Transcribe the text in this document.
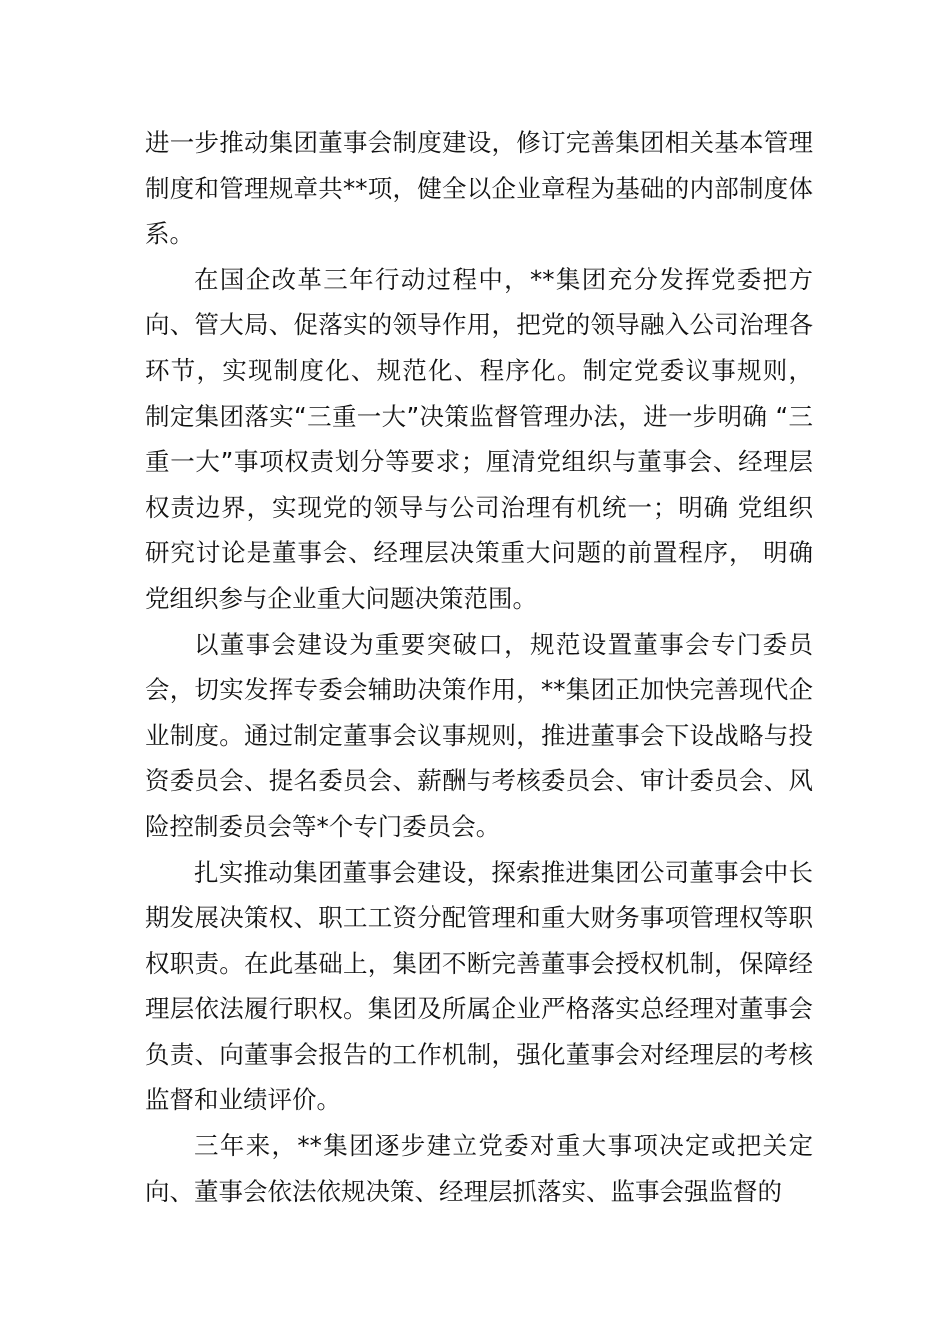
进一步推动集团董事会制度建设，修订完善集团相关基本管理制度和管理规章共**项，健全以企业章程为基础的内部制度体系。

在国企改革三年行动过程中，**集团充分发挥党委把方向、管大局、促落实的领导作用，把党的领导融入公司治理各环节，实现制度化、规范化、程序化。制定党委议事规则， 制定集团落实“三重一大”决策监督管理办法，进一步明确 “三重一大”事项权责划分等要求；厘清党组织与董事会、经理层权责边界，实现党的领导与公司治理有机统一；明确 党组织研究讨论是董事会、经理层决策重大问题的前置程序， 明确党组织参与企业重大问题决策范围。

以董事会建设为重要突破口，规范设置董事会专门委员会，切实发挥专委会辅助决策作用，**集团正加快完善现代企业制度。通过制定董事会议事规则，推进董事会下设战略与投资委员会、提名委员会、薪酬与考核委员会、审计委员会、风险控制委员会等*个专门委员会。

扎实推动集团董事会建设，探索推进集团公司董事会中长期发展决策权、职工工资分配管理和重大财务事项管理权等职权职责。在此基础上，集团不断完善董事会授权机制，保障经理层依法履行职权。集团及所属企业严格落实总经理对董事会负责、向董事会报告的工作机制，强化董事会对经理层的考核监督和业绩评价。

三年来，**集团逐步建立党委对重大事项决定或把关定向、董事会依法依规决策、经理层抓落实、监事会强监督的
